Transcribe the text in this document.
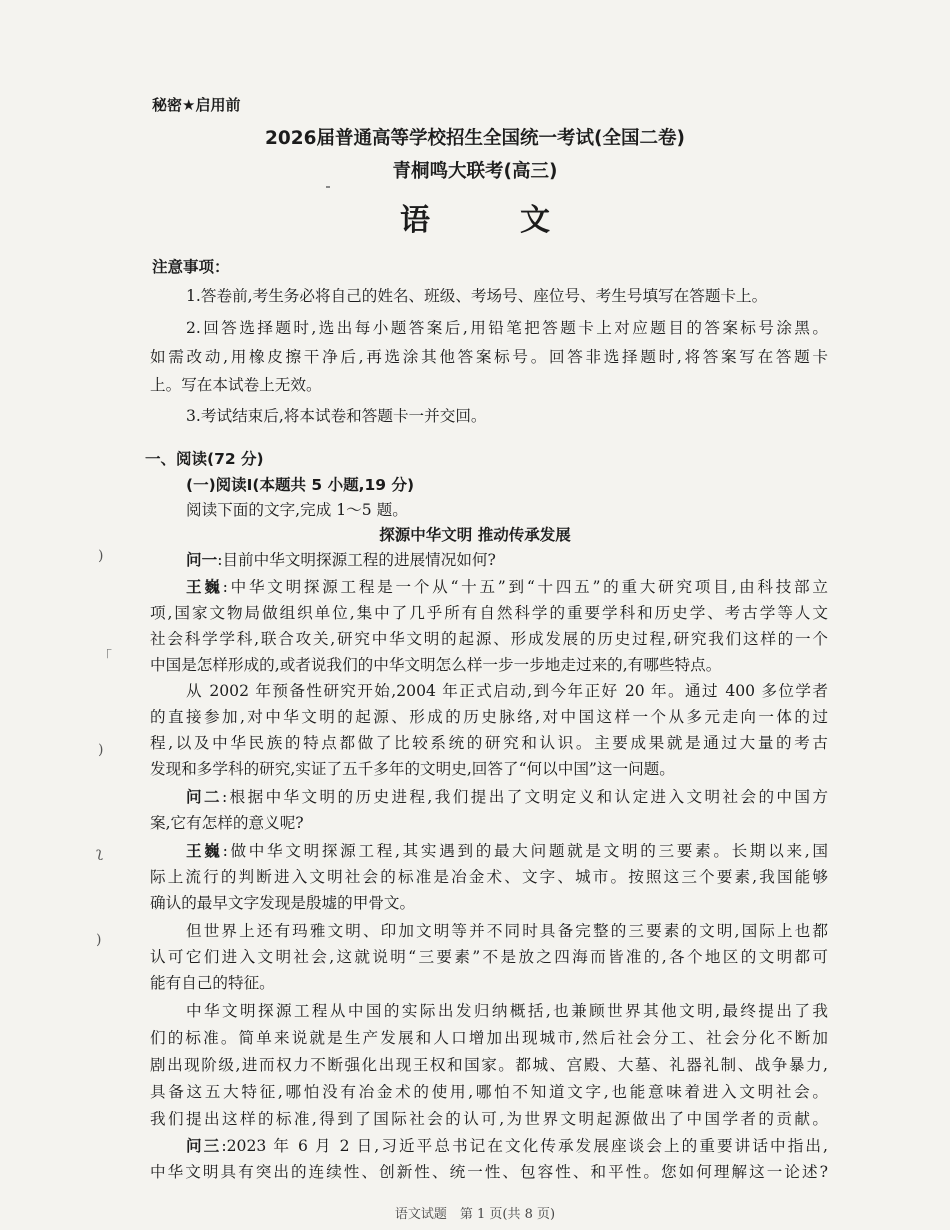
秘密★启用前
2026届普通高等学校招生全国统一考试(全国二卷)
青桐鸣大联考(高三)
语　文
注意事项：
1.答卷前,考生务必将自己的姓名、班级、考场号、座位号、考生号填写在答题卡上。
2.回答选择题时,选出每小题答案后,用铅笔把答题卡上对应题目的答案标号涂黑。
如需改动,用橡皮擦干净后,再选涂其他答案标号。回答非选择题时,将答案写在答题卡
上。写在本试卷上无效。
3.考试结束后,将本试卷和答题卡一并交回。
一、阅读(72 分)
(一)阅读Ⅰ(本题共 5 小题,19 分)
阅读下面的文字,完成 1～5 题。
探源中华文明 推动传承发展
问一:目前中华文明探源工程的进展情况如何?
王巍:中华文明探源工程是一个从“十五”到“十四五”的重大研究项目,由科技部立
项,国家文物局做组织单位,集中了几乎所有自然科学的重要学科和历史学、考古学等人文
社会科学学科,联合攻关,研究中华文明的起源、形成发展的历史过程,研究我们这样的一个
中国是怎样形成的,或者说我们的中华文明怎么样一步一步地走过来的,有哪些特点。
从 2002 年预备性研究开始,2004 年正式启动,到今年正好 20 年。通过 400 多位学者
的直接参加,对中华文明的起源、形成的历史脉络,对中国这样一个从多元走向一体的过
程,以及中华民族的特点都做了比较系统的研究和认识。主要成果就是通过大量的考古
发现和多学科的研究,实证了五千多年的文明史,回答了“何以中国”这一问题。
问二:根据中华文明的历史进程,我们提出了文明定义和认定进入文明社会的中国方
案,它有怎样的意义呢?
王巍:做中华文明探源工程,其实遇到的最大问题就是文明的三要素。长期以来,国
际上流行的判断进入文明社会的标准是冶金术、文字、城市。按照这三个要素,我国能够
确认的最早文字发现是殷墟的甲骨文。
但世界上还有玛雅文明、印加文明等并不同时具备完整的三要素的文明,国际上也都
认可它们进入文明社会,这就说明“三要素”不是放之四海而皆准的,各个地区的文明都可
能有自己的特征。
中华文明探源工程从中国的实际出发归纳概括,也兼顾世界其他文明,最终提出了我
们的标准。简单来说就是生产发展和人口增加出现城市,然后社会分工、社会分化不断加
剧出现阶级,进而权力不断强化出现王权和国家。都城、宫殿、大墓、礼器礼制、战争暴力,
具备这五大特征,哪怕没有冶金术的使用,哪怕不知道文字,也能意味着进入文明社会。
我们提出这样的标准,得到了国际社会的认可,为世界文明起源做出了中国学者的贡献。
)
「
)
ʅ
)
问三:2023 年 6 月 2 日,习近平总书记在文化传承发展座谈会上的重要讲话中指出,
中华文明具有突出的连续性、创新性、统一性、包容性、和平性。您如何理解这一论述?
语文试题　第 1 页(共 8 页)
